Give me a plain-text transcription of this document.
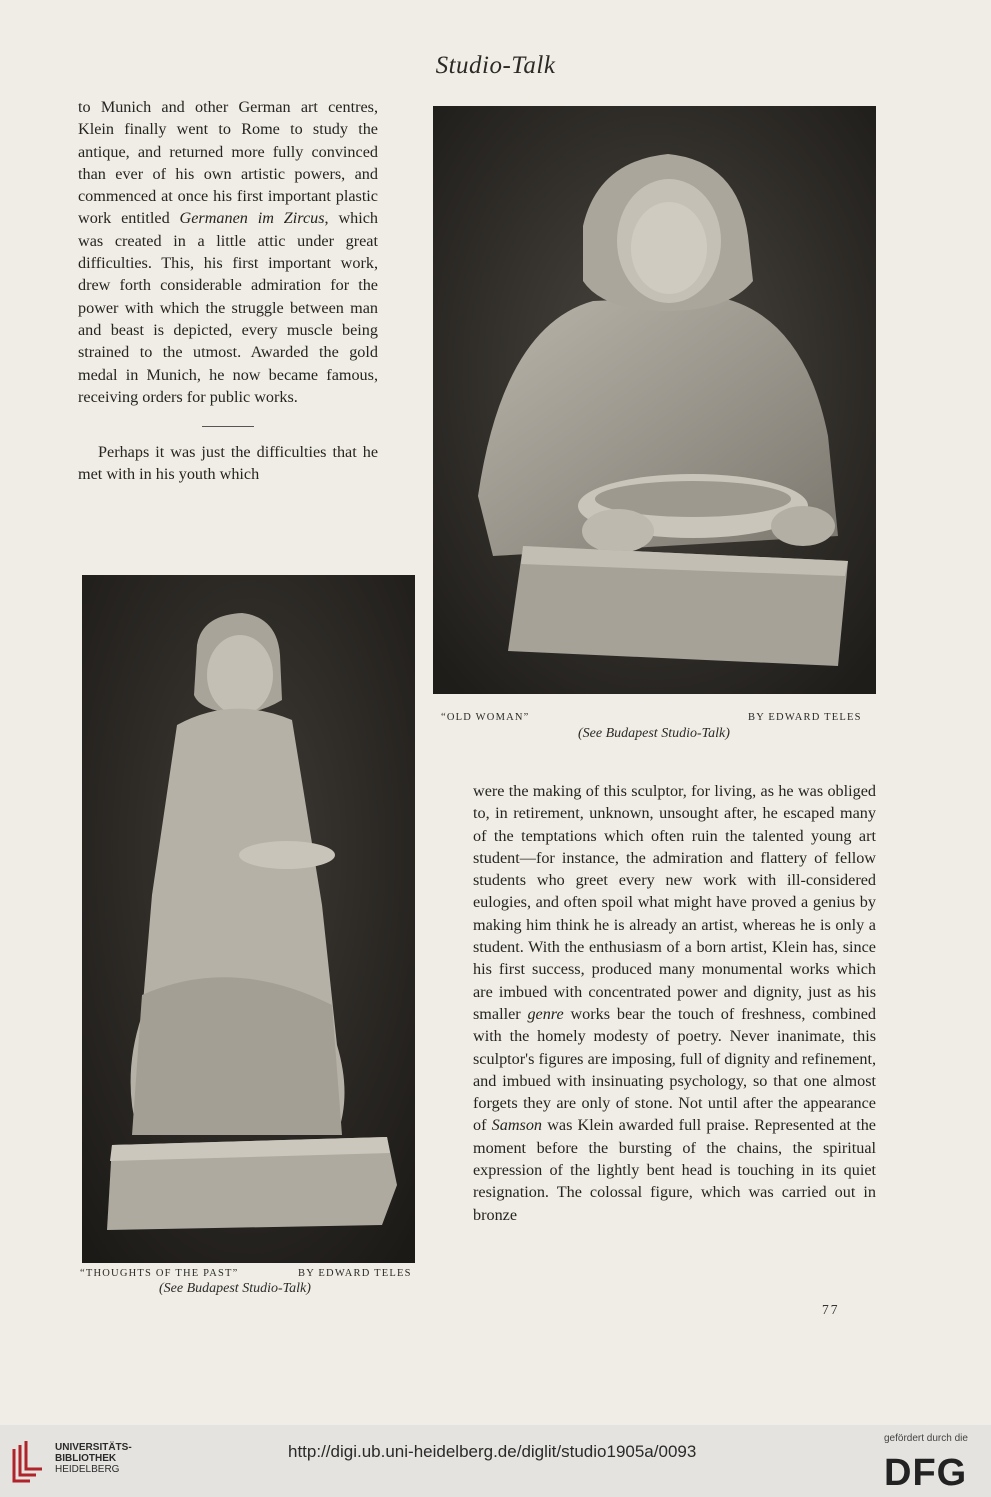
Studio-Talk

to Munich and other German art centres, Klein finally went to Rome to study the antique, and returned more fully convinced than ever of his own artistic powers, and commenced at once his first important plastic work entitled Germanen im Zircus, which was created in a little attic under great difficulties. This, his first important work, drew forth considerable admiration for the power with which the struggle between man and beast is depicted, every muscle being strained to the utmost. Awarded the gold medal in Munich, he now became famous, receiving orders for public works.

Perhaps it was just the difficulties that he met with in his youth which

“OLD WOMAN”	BY EDWARD TELES
(See Budapest Studio-Talk)
“THOUGHTS OF THE PAST”	BY EDWARD TELES
(See Budapest Studio-Talk)

were the making of this sculptor, for living, as he was obliged to, in retirement, unknown, unsought after, he escaped many of the temptations which often ruin the talented young art student—for instance, the admiration and flattery of fellow students who greet every new work with ill-considered eulogies, and often spoil what might have proved a genius by making him think he is already an artist, whereas he is only a student. With the enthusiasm of a born artist, Klein has, since his first success, produced many monumental works which are imbued with concentrated power and dignity, just as his smaller genre works bear the touch of freshness, combined with the homely modesty of poetry. Never inanimate, this sculptor's figures are imposing, full of dignity and refinement, and imbued with insinuating psychology, so that one almost forgets they are only of stone. Not until after the appearance of Samson was Klein awarded full praise. Represented at the moment before the bursting of the chains, the spiritual expression of the lightly bent head is touching in its quiet resignation. The colossal figure, which was carried out in bronze

77
UNIVERSITÄTS-
BIBLIOTHEK
HEIDELBERG
http://digi.ub.uni-heidelberg.de/diglit/studio1905a/0093
gefördert durch die
DFG
